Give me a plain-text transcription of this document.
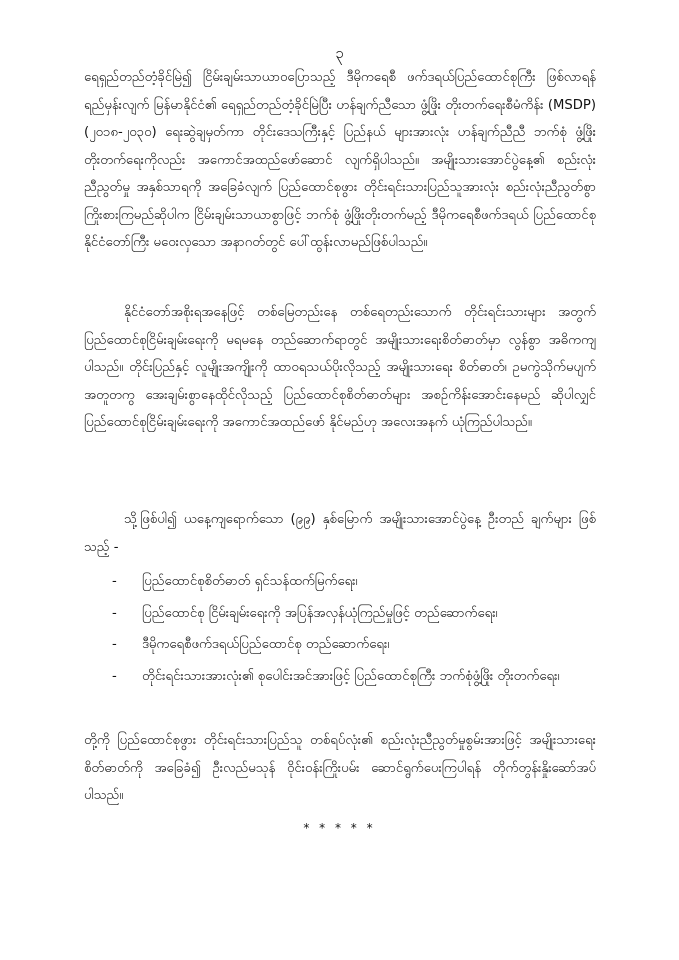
၃

ရေရှည်တည်တံ့ခိုင်မြဲ၍ ငြိမ်းချမ်းသာယာဝပြောသည့် ဒီမိုကရေစီ ဖက်ဒရယ်ပြည်ထောင်စုကြီး ဖြစ်လာရန် ရည်မှန်းလျက် မြန်မာနိုင်ငံ၏ ရေရှည်တည်တံ့ခိုင်မြဲပြီး ဟန်ချက်ညီသော ဖွံ့ဖြိုး တိုးတက်ရေးစီမံကိန်း (MSDP) (၂၀၁၈-၂၀၃၀) ရေးဆွဲချမှတ်ကာ တိုင်းဒေသကြီးနှင့် ပြည်နယ် များအားလုံး ဟန်ချက်ညီညီ ဘက်စုံ ဖွံ့ဖြိုးတိုးတက်ရေးကိုလည်း အကောင်အထည်ဖော်ဆောင် လျက်ရှိပါသည်။ အမျိုးသားအောင်ပွဲနေ့၏ စည်းလုံးညီညွတ်မှု အနှစ်သာရကို အခြေခံလျက် ပြည်ထောင်စုဖွား တိုင်းရင်းသားပြည်သူအားလုံး စည်းလုံးညီညွတ်စွာ ကြိုးစားကြမည်ဆိုပါက ငြိမ်းချမ်းသာယာစွာဖြင့် ဘက်စုံ ဖွံ့ဖြိုးတိုးတက်မည့် ဒီမိုကရေစီဖက်ဒရယ် ပြည်ထောင်စု နိုင်ငံတော်ကြီး မဝေးလှသော အနာဂတ်တွင် ပေါ်ထွန်းလာမည်ဖြစ်ပါသည်။

နိုင်ငံတော်အစိုးရအနေဖြင့် တစ်မြေတည်းနေ တစ်ရေတည်းသောက် တိုင်းရင်းသားများ အတွက် ပြည်ထောင်စုငြိမ်းချမ်းရေးကို မရမနေ တည်ဆောက်ရာတွင် အမျိုးသားရေးစိတ်ဓာတ်မှာ လွန်စွာ အဓိကကျပါသည်။ တိုင်းပြည်နှင့် လူမျိုးအကျိုးကို ထာဝရသယ်ပိုးလိုသည့် အမျိုးသားရေး စိတ်ဓာတ်၊ ဥမကွဲသိုက်မပျက် အတူတကွ အေးချမ်းစွာနေထိုင်လိုသည့် ပြည်ထောင်စုစိတ်ဓာတ်များ အစဉ်ကိန်းအောင်းနေမည် ဆိုပါလျှင် ပြည်ထောင်စုငြိမ်းချမ်းရေးကို အကောင်အထည်ဖော် နိုင်မည်ဟု အလေးအနက် ယုံကြည်ပါသည်။

သို့ဖြစ်ပါ၍ ယနေ့ကျရောက်သော (၉၉) နှစ်မြောက် အမျိုးသားအောင်ပွဲနေ့ ဦးတည် ချက်များ ဖြစ်သည့် -

- ပြည်ထောင်စုစိတ်ဓာတ် ရှင်သန်ထက်မြက်ရေး၊
- ပြည်ထောင်စု ငြိမ်းချမ်းရေးကို အပြန်အလှန်ယုံကြည်မှုဖြင့် တည်ဆောက်ရေး၊
- ဒီမိုကရေစီဖက်ဒရယ်ပြည်ထောင်စု တည်ဆောက်ရေး၊
- တိုင်းရင်းသားအားလုံး၏ စုပေါင်းအင်အားဖြင့် ပြည်ထောင်စုကြီး ဘက်စုံဖွံ့ဖြိုး တိုးတက်ရေး၊

တို့ကို ပြည်ထောင်စုဖွား တိုင်းရင်းသားပြည်သူ တစ်ရပ်လုံး၏ စည်းလုံးညီညွတ်မှုစွမ်းအားဖြင့် အမျိုးသားရေးစိတ်ဓာတ်ကို အခြေခံ၍ ဦးလည်မသုန် ဝိုင်းဝန်းကြိုးပမ်း ဆောင်ရွက်ပေးကြပါရန် တိုက်တွန်းနှိုးဆော်အပ်ပါသည်။

* * * * *
